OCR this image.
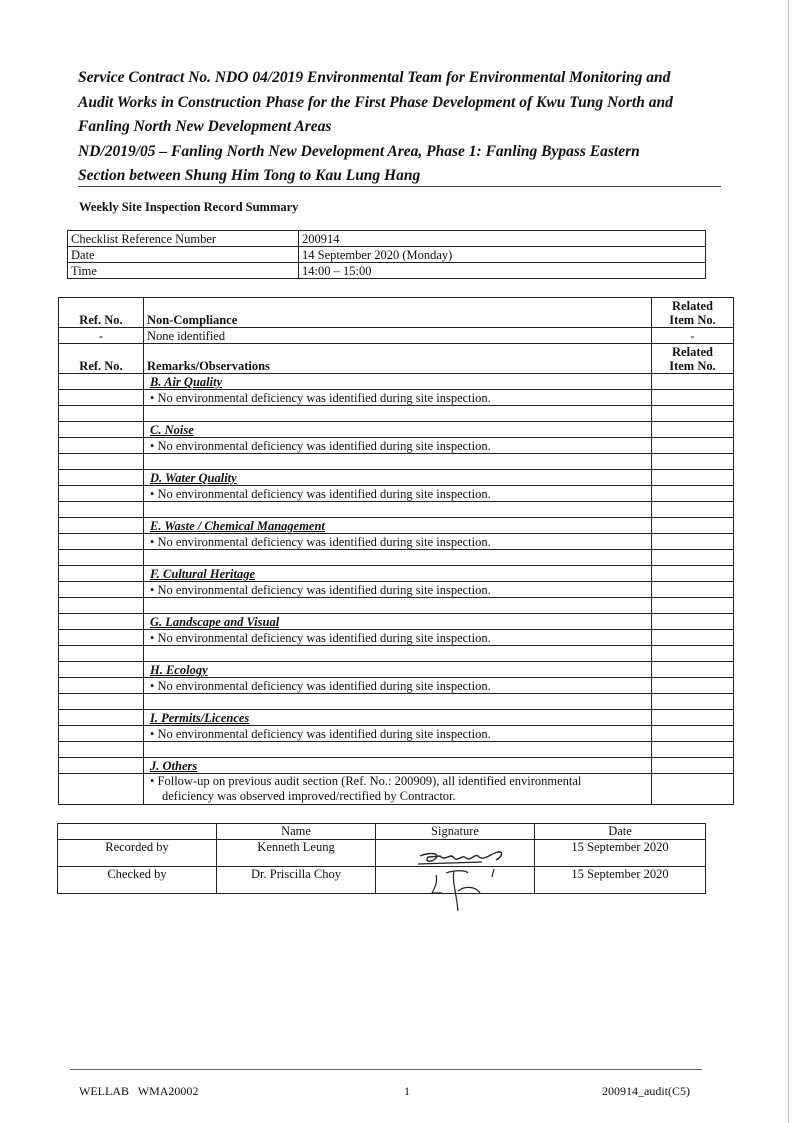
Service Contract No. NDO 04/2019 Environmental Team for Environmental Monitoring and
Audit Works in Construction Phase for the First Phase Development of Kwu Tung North and
Fanling North New Development Areas
ND/2019/05 – Fanling North New Development Area, Phase 1: Fanling Bypass Eastern
Section between Shung Him Tong to Kau Lung Hang
Weekly Site Inspection Record Summary
Checklist Reference Number	200914
Date	14 September 2020 (Monday)
Time	14:00 – 15:00
Ref. No.	Non-Compliance	Related
Item No.
-	None identified	-
Ref. No.	Remarks/Observations	Related
Item No.
	B. Air Quality	
	• No environmental deficiency was identified during site inspection.	

	C. Noise	
	• No environmental deficiency was identified during site inspection.	

	D. Water Quality	
	• No environmental deficiency was identified during site inspection.	

	E. Waste / Chemical Management	
	• No environmental deficiency was identified during site inspection.	

	F. Cultural Heritage	
	• No environmental deficiency was identified during site inspection.	

	G. Landscape and Visual	
	• No environmental deficiency was identified during site inspection.	

	H. Ecology	
	• No environmental deficiency was identified during site inspection.	

	I. Permits/Licences	
	• No environmental deficiency was identified during site inspection.	

	J. Others	
	• Follow-up on previous audit section (Ref. No.: 200909), all identified environmental
deficiency was observed improved/rectified by Contractor.	
	Name	Signature	Date
Recorded by	Kenneth Leung		15 September 2020
Checked by	Dr. Priscilla Choy		15 September 2020
WELLAB   WMA20002	1	200914_audit(C5)
